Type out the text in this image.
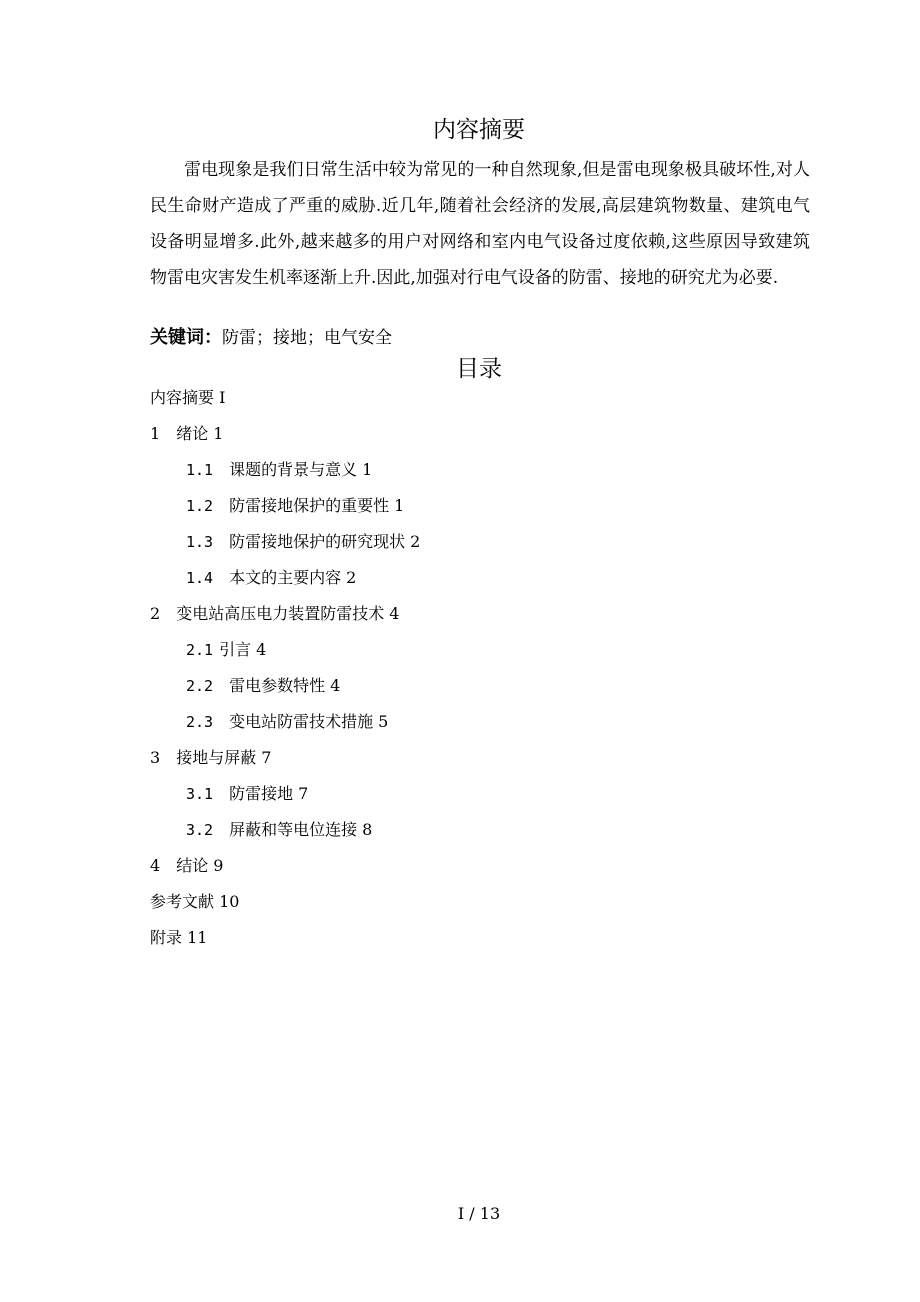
内容摘要

雷电现象是我们日常生活中较为常见的一种自然现象,但是雷电现象极具破坏性,对人民生命财产造成了严重的威胁.近几年,随着社会经济的发展,高层建筑物数量、建筑电气设备明显增多.此外,越来越多的用户对网络和室内电气设备过度依赖,这些原因导致建筑物雷电灾害发生机率逐渐上升.因此,加强对行电气设备的防雷、接地的研究尤为必要.

关键词：防雷；接地；电气安全

目录
内容摘要 I
1 绪论 1
1.1 课题的背景与意义 1
1.2 防雷接地保护的重要性 1
1.3 防雷接地保护的研究现状 2
1.4 本文的主要内容 2
2 变电站高压电力装置防雷技术 4
2.1 引言 4
2.2 雷电参数特性 4
2.3 变电站防雷技术措施 5
3 接地与屏蔽 7
3.1 防雷接地 7
3.2 屏蔽和等电位连接 8
4 结论 9
参考文献 10
附录 11

I / 13
